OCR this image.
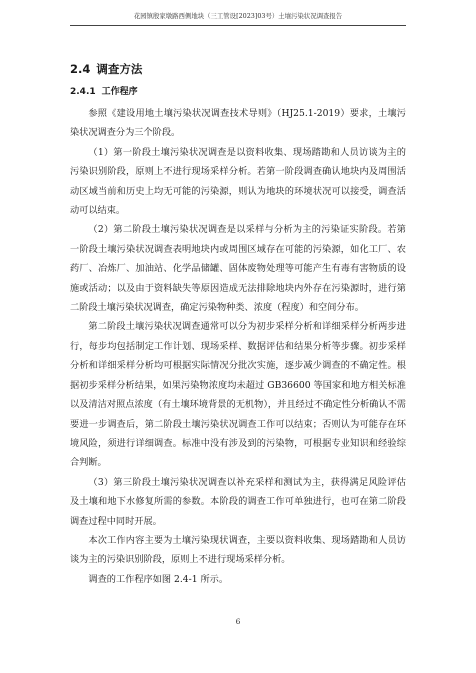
花园镇殷家墩路西侧地块（三工管设[2023]03号）土壤污染状况调查报告
2.4 调查方法
2.4.1 工作程序

参照《建设用地土壤污染状况调查技术导则》（HJ25.1-2019）要求，土壤污染状况调查分为三个阶段。

（1）第一阶段土壤污染状况调查是以资料收集、现场踏勘和人员访谈为主的污染识别阶段，原则上不进行现场采样分析。若第一阶段调查确认地块内及周围活动区域当前和历史上均无可能的污染源，则认为地块的环境状况可以接受，调查活动可以结束。

（2）第二阶段土壤污染状况调查是以采样与分析为主的污染证实阶段。若第一阶段土壤污染状况调查表明地块内或周围区域存在可能的污染源，如化工厂、农药厂、冶炼厂、加油站、化学品储罐、固体废物处理等可能产生有毒有害物质的设施或活动；以及由于资料缺失等原因造成无法排除地块内外存在污染源时，进行第二阶段土壤污染状况调查，确定污染物种类、浓度（程度）和空间分布。

第二阶段土壤污染状况调查通常可以分为初步采样分析和详细采样分析两步进行，每步均包括制定工作计划、现场采样、数据评估和结果分析等步骤。初步采样分析和详细采样分析均可根据实际情况分批次实施，逐步减少调查的不确定性。根据初步采样分析结果，如果污染物浓度均未超过 GB36600 等国家和地方相关标准以及清洁对照点浓度（有土壤环境背景的无机物），并且经过不确定性分析确认不需要进一步调查后，第二阶段土壤污染状况调查工作可以结束；否则认为可能存在环境风险，须进行详细调查。标准中没有涉及到的污染物，可根据专业知识和经验综合判断。

（3）第三阶段土壤污染状况调查以补充采样和测试为主，获得满足风险评估及土壤和地下水修复所需的参数。本阶段的调查工作可单独进行，也可在第二阶段调查过程中同时开展。

本次工作内容主要为土壤污染现状调查，主要以资料收集、现场踏勘和人员访谈为主的污染识别阶段，原则上不进行现场采样分析。

调查的工作程序如图 2.4-1 所示。

6
